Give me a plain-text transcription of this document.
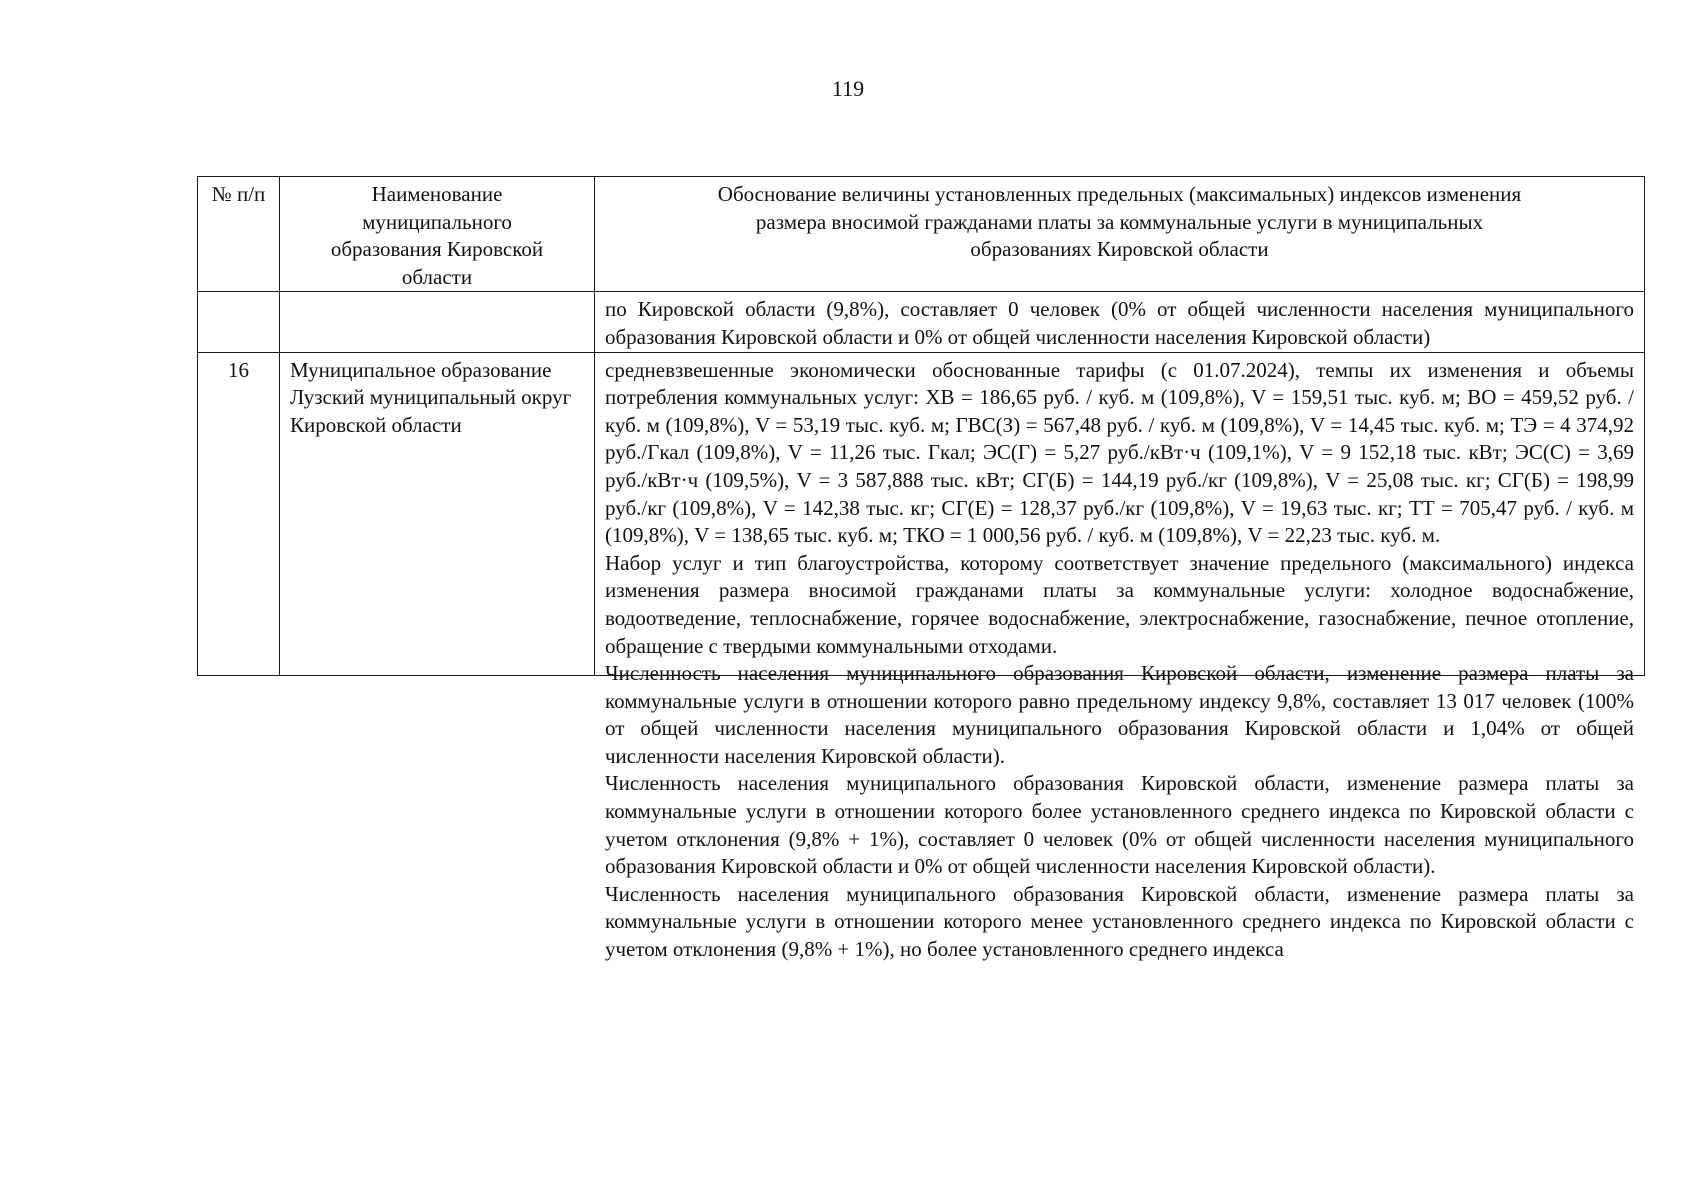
119
№ п/п	Наименование муниципального образования Кировской области	Обоснование величины установленных предельных (максимальных) индексов изменения размера вносимой гражданами платы за коммунальные услуги в муниципальных образованиях Кировской области
		по Кировской области (9,8%), составляет 0 человек (0% от общей численности населения муниципального образования Кировской области и 0% от общей численности населения Кировской области)
16	Муниципальное образование Лузский муниципальный округ Кировской области	средневзвешенные экономически обоснованные тарифы (с 01.07.2024), темпы их изменения и объемы потребления коммунальных услуг: ХВ = 186,65 руб. / куб. м (109,8%), V = 159,51 тыс. куб. м; ВО = 459,52 руб. / куб. м (109,8%), V = 53,19 тыс. куб. м; ГВС(З) = 567,48 руб. / куб. м (109,8%), V = 14,45 тыс. куб. м; ТЭ = 4 374,92 руб./Гкал (109,8%), V = 11,26 тыс. Гкал; ЭС(Г) = 5,27 руб./кВт·ч (109,1%), V = 9 152,18 тыс. кВт; ЭС(С) = 3,69 руб./кВт·ч (109,5%), V = 3 587,888 тыс. кВт; СГ(Б) = 144,19 руб./кг (109,8%), V = 25,08 тыс. кг; СГ(Б) = 198,99 руб./кг (109,8%), V = 142,38 тыс. кг; СГ(Е) = 128,37 руб./кг (109,8%), V = 19,63 тыс. кг; ТТ = 705,47 руб. / куб. м (109,8%), V = 138,65 тыс. куб. м; ТКО = 1 000,56 руб. / куб. м (109,8%), V = 22,23 тыс. куб. м.

Набор услуг и тип благоустройства, которому соответствует значение предельного (максимального) индекса изменения размера вносимой гражданами платы за коммунальные услуги: холодное водоснабжение, водоотведение, теплоснабжение, горячее водоснабжение, электроснабжение, газоснабжение, печное отопление, обращение с твердыми коммунальными отходами.

Численность населения муниципального образования Кировской области, изменение размера платы за коммунальные услуги в отношении которого равно предельному индексу 9,8%, составляет 13 017 человек (100% от общей численности населения муниципального образования Кировской области и 1,04% от общей численности населения Кировской области).

Численность населения муниципального образования Кировской области, изменение размера платы за коммунальные услуги в отношении которого более установленного среднего индекса по Кировской области с учетом отклонения (9,8% + 1%), составляет 0 человек (0% от общей численности населения муниципального образования Кировской области и 0% от общей численности населения Кировской области).

Численность населения муниципального образования Кировской области, изменение размера платы за коммунальные услуги в отношении которого менее установленного среднего индекса по Кировской области с учетом отклонения (9,8% + 1%), но более установленного среднего индекса
